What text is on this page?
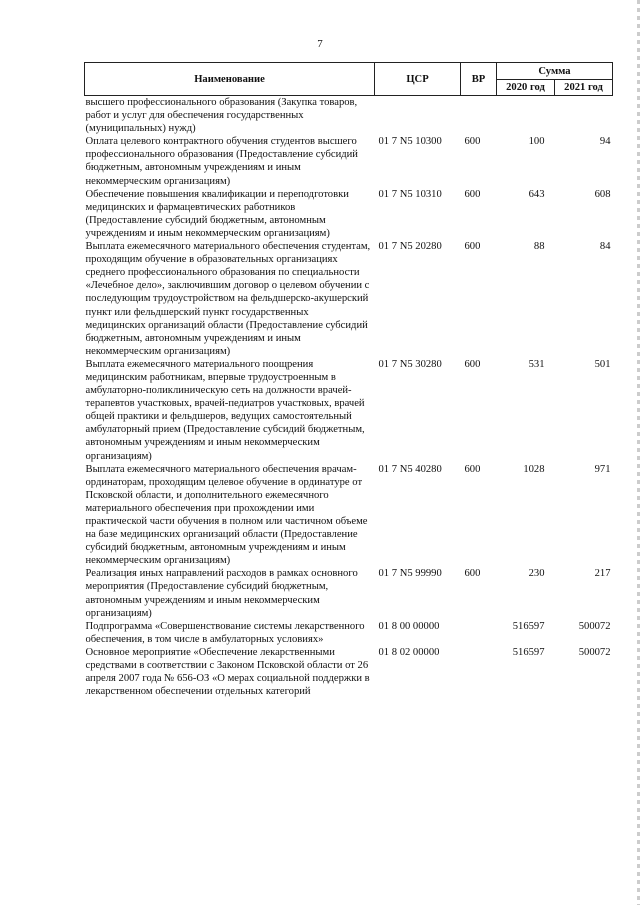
7
Наименование	ЦСР	ВР	Сумма	
			2020 год	2021 год
высшего профессионального образования (Закупка товаров, работ и услуг для обеспечения государственных (муниципальных) нужд)				
Оплата целевого контрактного обучения студентов высшего профессионального образования (Предоставление субсидий бюджетным, автономным учреждениям и иным некоммерческим организациям)	01 7 N5 10300	600	100	94
Обеспечение повышения квалификации и переподготовки медицинских и фармацевтических работников (Предоставление субсидий бюджетным, автономным учреждениям и иным некоммерческим организациям)	01 7 N5 10310	600	643	608
Выплата ежемесячного материального обеспечения студентам, проходящим обучение в образовательных организациях среднего профессионального образования по специальности «Лечебное дело», заключившим договор о целевом обучении с последующим трудоустройством на фельдшерско-акушерский пункт или фельдшерский пункт государственных медицинских организаций области (Предоставление субсидий бюджетным, автономным учреждениям и иным некоммерческим организациям)	01 7 N5 20280	600	88	84
Выплата ежемесячного материального поощрения медицинским работникам, впервые трудоустроенным в амбулаторно-поликлиническую сеть на должности врачей-терапевтов участковых, врачей-педиатров участковых, врачей общей практики и фельдшеров, ведущих самостоятельный амбулаторный прием (Предоставление субсидий бюджетным, автономным учреждениям и иным некоммерческим организациям)	01 7 N5 30280	600	531	501
Выплата ежемесячного материального обеспечения врачам-ординаторам, проходящим целевое обучение в ординатуре от Псковской области, и дополнительного ежемесячного материального обеспечения при прохождении ими практической части обучения в полном или частичном объеме на базе медицинских организаций области (Предоставление субсидий бюджетным, автономным учреждениям и иным некоммерческим организациям)	01 7 N5 40280	600	1028	971
Реализация иных направлений расходов в рамках основного мероприятия (Предоставление субсидий бюджетным, автономным учреждениям и иным некоммерческим организациям)	01 7 N5 99990	600	230	217
Подпрограмма «Совершенствование системы лекарственного обеспечения, в том числе в амбулаторных условиях»	01 8 00 00000		516597	500072
Основное мероприятие «Обеспечение лекарственными средствами в соответствии с Законом Псковской области от 26 апреля 2007 года № 656-ОЗ «О мерах социальной поддержки в лекарственном обеспечении отдельных категорий	01 8 02 00000		516597	500072
